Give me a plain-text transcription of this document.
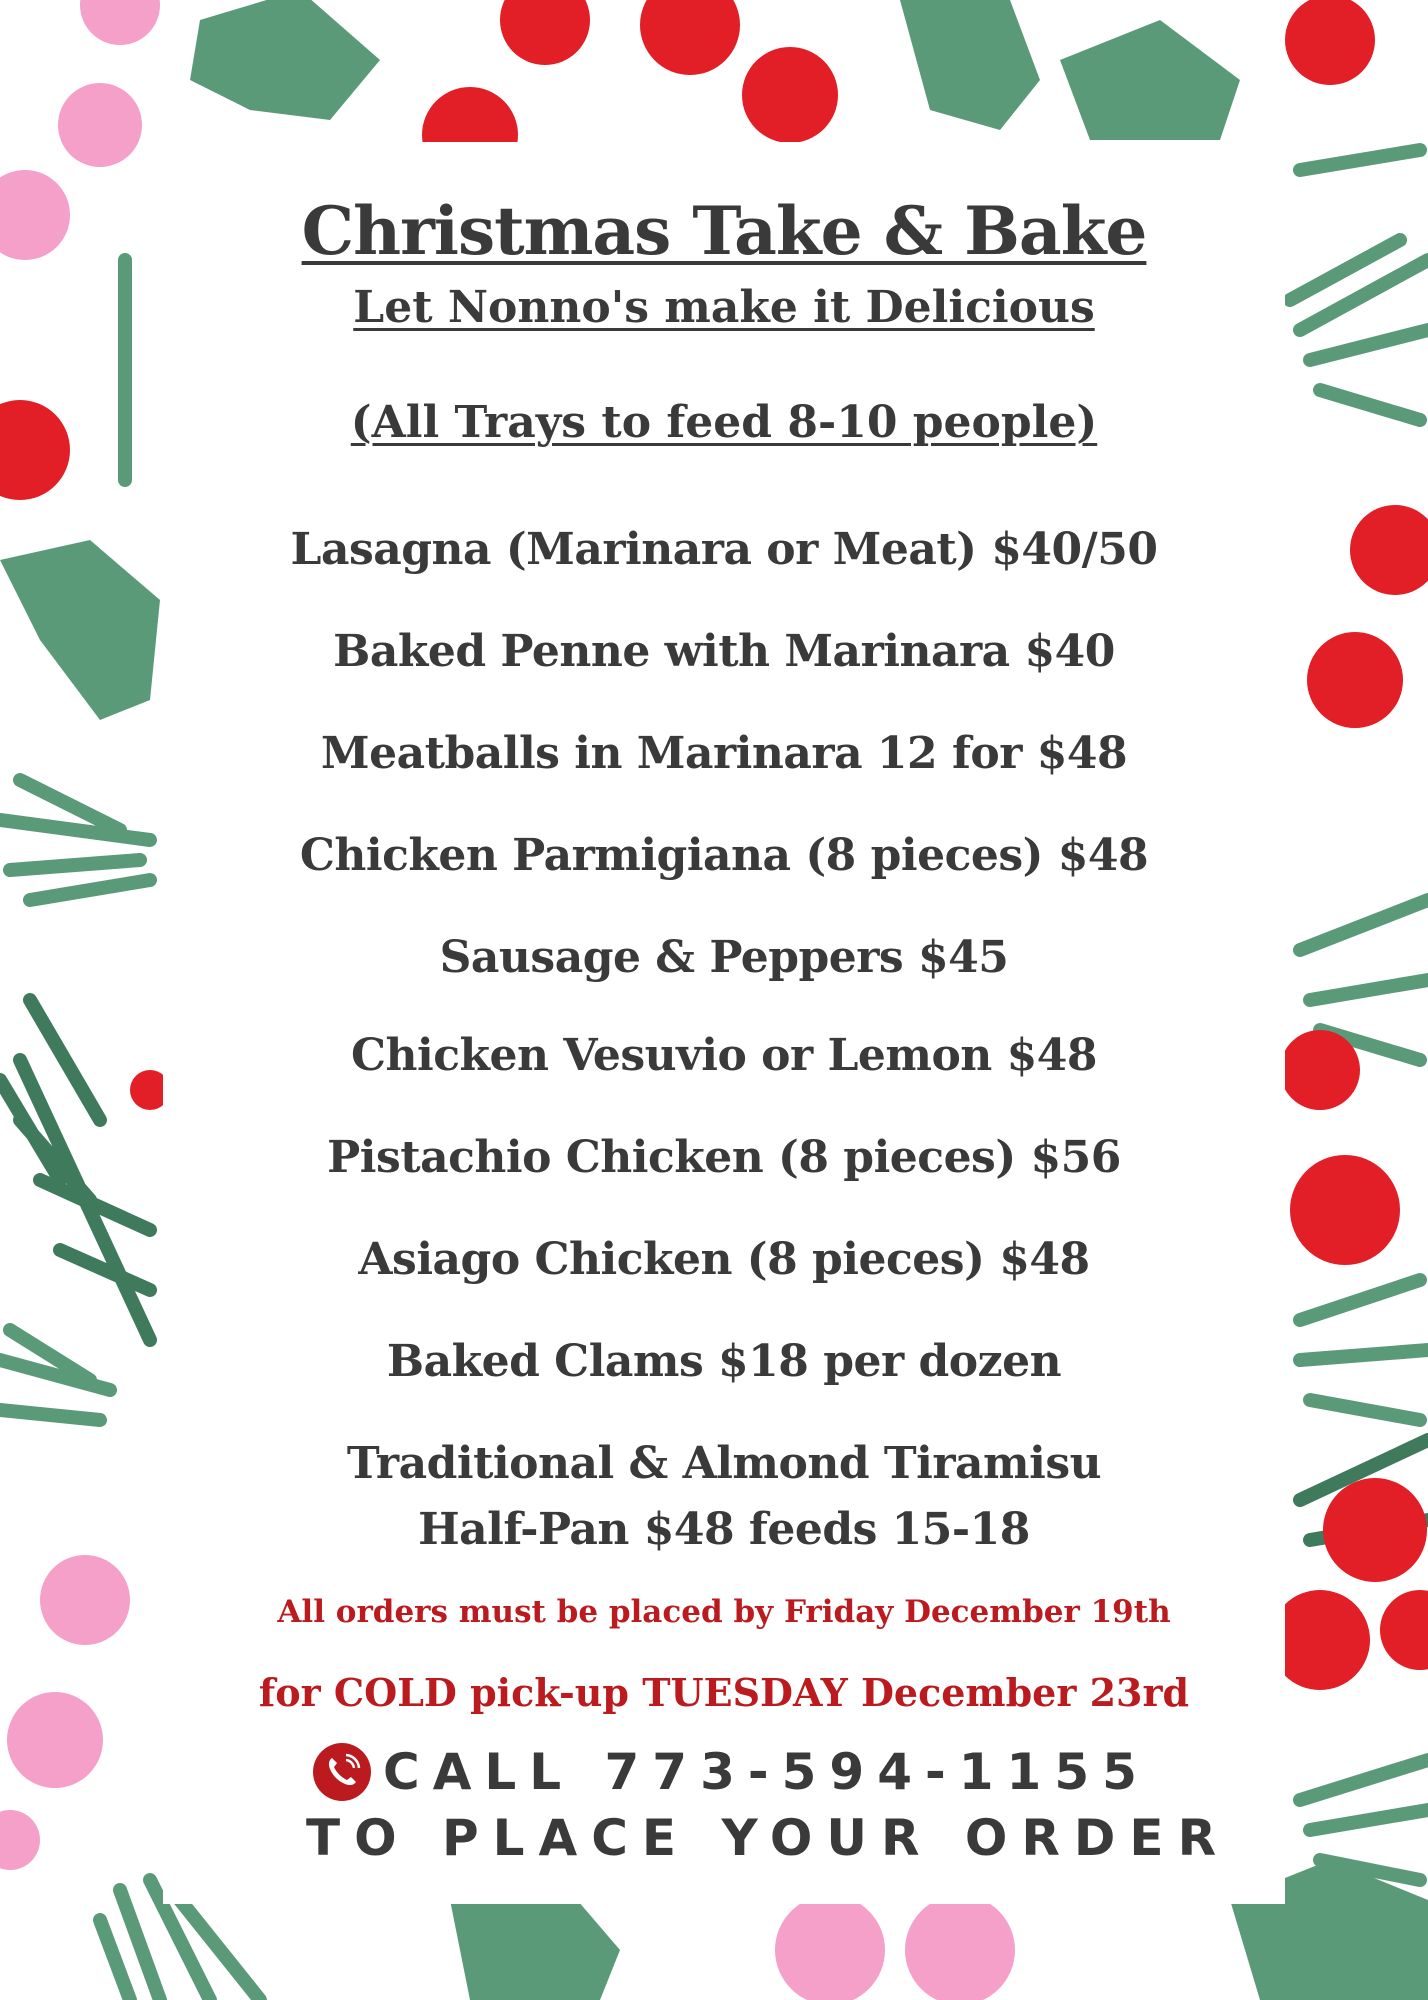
Christmas Take & Bake
Let Nonno's make it Delicious
(All Trays to feed 8-10 people)
Lasagna (Marinara or Meat) $40/50
Baked Penne with Marinara $40
Meatballs in Marinara 12 for $48
Chicken Parmigiana (8 pieces) $48
Sausage & Peppers $45
Chicken Vesuvio or Lemon $48
Pistachio Chicken (8 pieces) $56
Asiago Chicken (8 pieces) $48
Baked Clams $18 per dozen
Traditional & Almond Tiramisu
Half-Pan $48 feeds 15-18
All orders must be placed by Friday December 19th
for COLD pick-up TUESDAY December 23rd
CALL 773-594-1155
TO PLACE YOUR ORDER
